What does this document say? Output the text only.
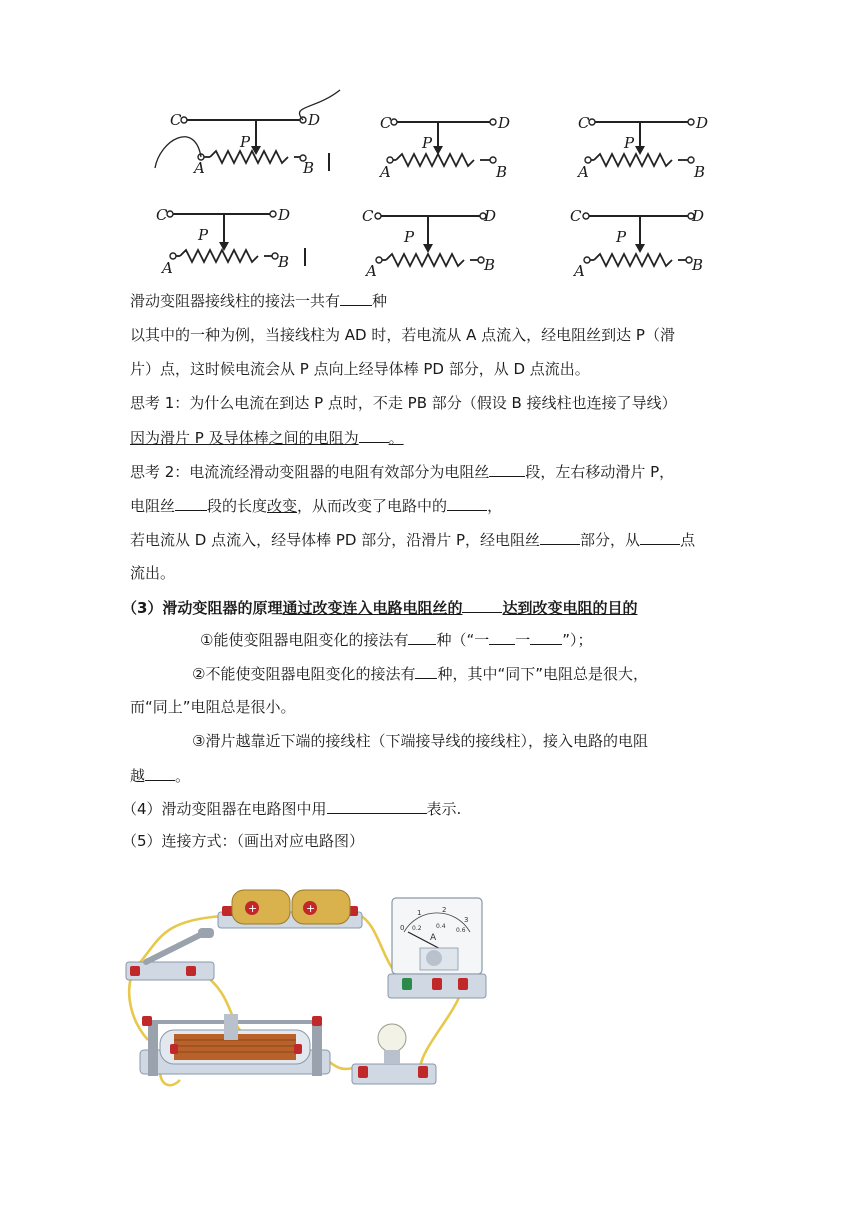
C	D
P
A	B
C	D
P
A	B
C	D
P
A	B
C	D
P
A	B
C	D
P
A	B
C	D
P
A	B
滑动变阻器接线柱的接法一共有 种
以其中的一种为例，当接线柱为 AD 时，若电流从 A 点流入，经电阻丝到达 P（滑
片）点，这时候电流会从 P 点向上经导体棒 PD 部分，从 D 点流出。
思考 1：为什么电流在到达 P 点时，不走 PB 部分（假设 B 接线柱也连接了导线）
因为滑片 P 及导体棒之间的电阻为 。
思考 2：电流流经滑动变阻器的电阻有效部分为电阻丝 段，左右移动滑片 P，
电阻丝 段的长度改变，从而改变了电路中的	，
若电流从 D 点流入，经导体棒 PD 部分，沿滑片 P，经电阻丝	部分，从	点
流出。
（3）滑动变阻器的原理通过改变连入电路电阻丝的	达到改变电阻的目的
①能使变阻器电阻变化的接法有 种（“一 一 ”）；
②不能使变阻器电阻变化的接法有 种，其中“同下”电阻总是很大，
而“同上”电阻总是很小。
③滑片越靠近下端的接线柱（下端接导线的接线柱），接入电路的电阻
越 。
（4）滑动变阻器在电路图中用	表示.
（5）连接方式：（画出对应电路图）
+	+
0
1	2
3
0.2 0.4
0.6
A
